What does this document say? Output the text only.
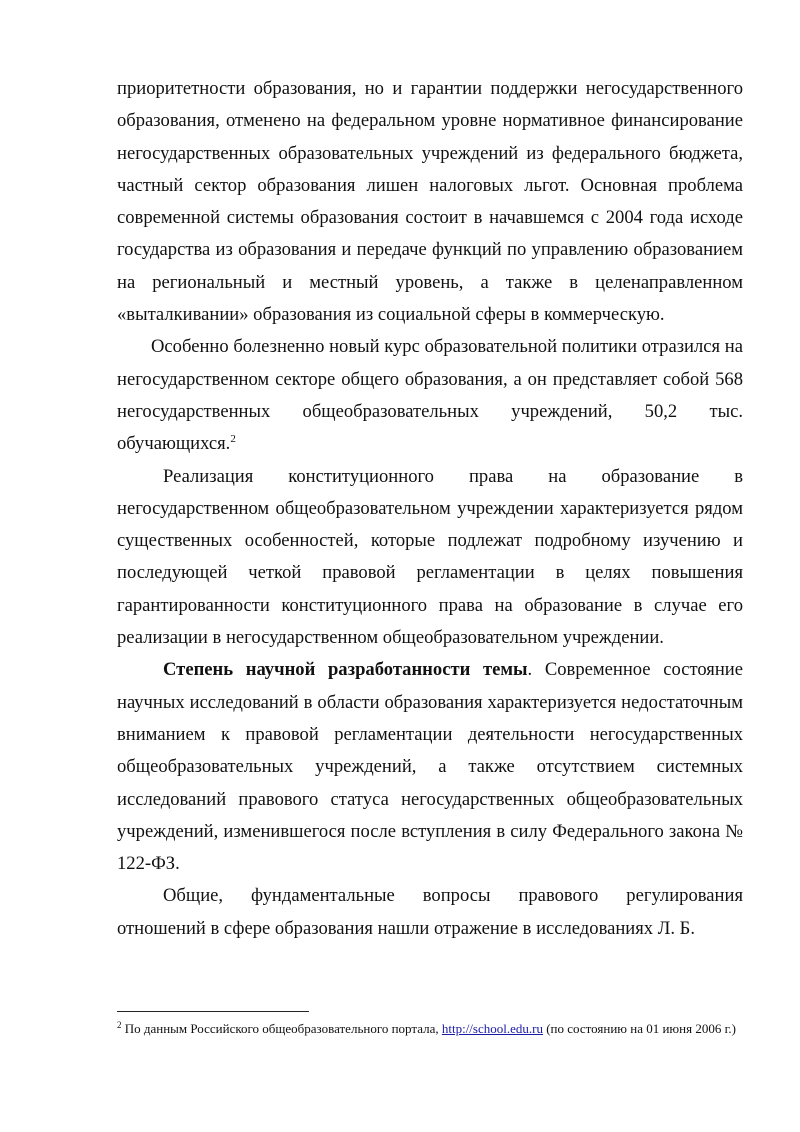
приоритетности образования, но и гарантии поддержки негосударственного образования, отменено на федеральном уровне нормативное финансирование негосударственных образовательных учреждений из федерального бюджета, частный сектор образования лишен налоговых льгот. Основная проблема современной системы образования состоит в начавшемся с 2004 года исходе государства из образования и передаче функций по управлению образованием на региональный и местный уровень, а также в целенаправленном «выталкивании» образования из социальной сферы в коммерческую.

Особенно болезненно новый курс образовательной политики отразился на негосударственном секторе общего образования, а он представляет собой 568 негосударственных общеобразовательных учреждений, 50,2 тыс. обучающихся.$^2$

Реализация конституционного права на образование в негосударственном общеобразовательном учреждении характеризуется рядом существенных особенностей, которые подлежат подробному изучению и последующей четкой правовой регламентации в целях повышения гарантированности конституционного права на образование в случае его реализации в негосударственном общеобразовательном учреждении.

Степень научной разработанности темы. Современное состояние научных исследований в области образования характеризуется недостаточным вниманием к правовой регламентации деятельности негосударственных общеобразовательных учреждений, а также отсутствием системных исследований правового статуса негосударственных общеобразовательных учреждений, изменившегося после вступления в силу Федерального закона № 122-ФЗ.

Общие, фундаментальные вопросы правового регулирования отношений в сфере образования нашли отражение в исследованиях Л. Б.

$^2$ По данным Российского общеобразовательного портала, http://school.edu.ru (по состоянию на 01 июня 2006 г.)
